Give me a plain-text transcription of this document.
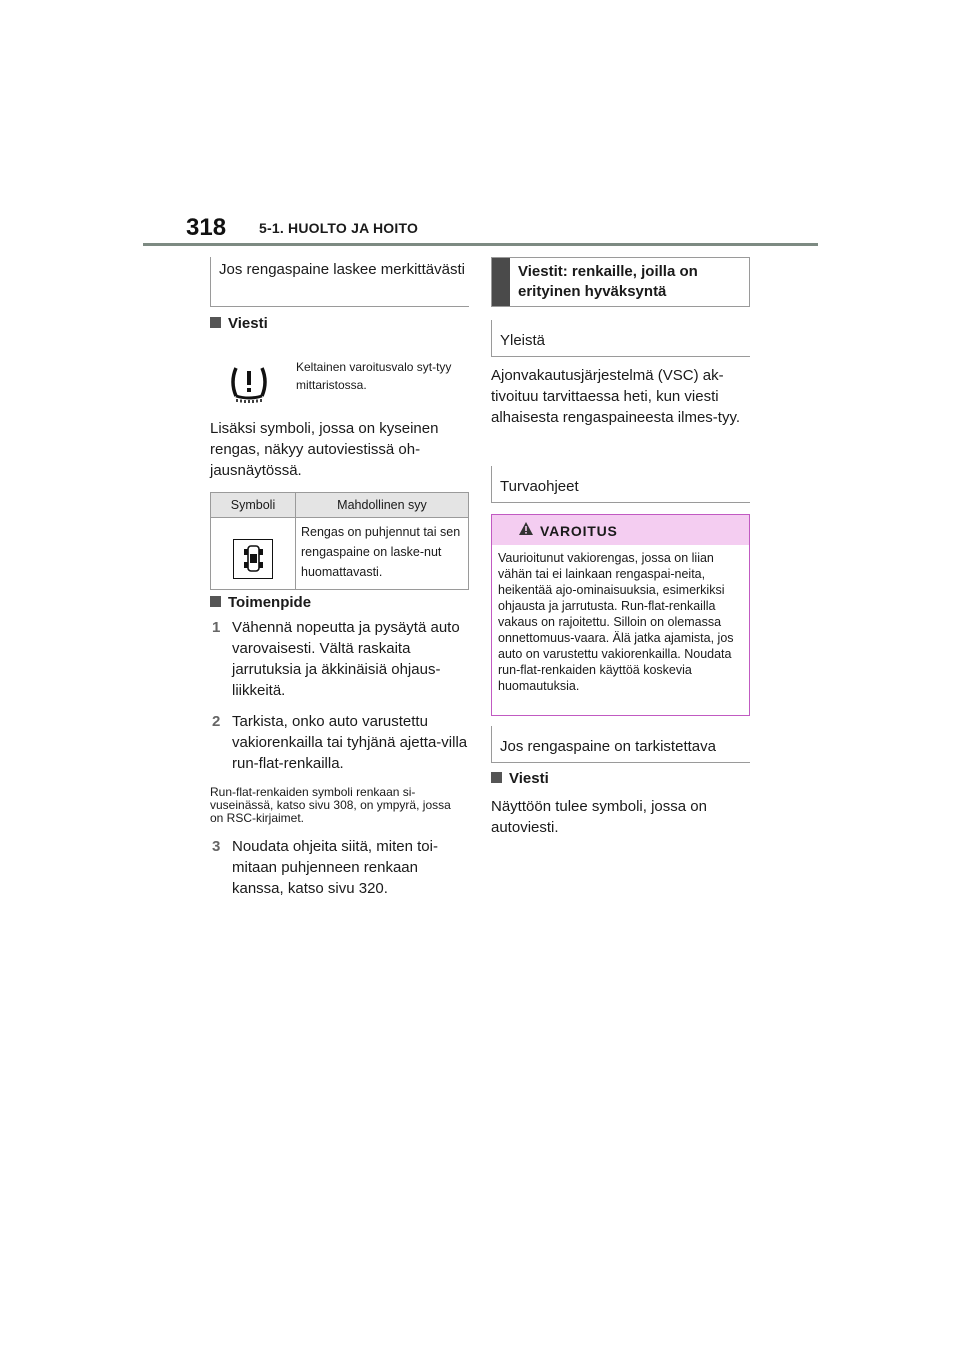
318 5-1. HUOLTO JA HOITO
Jos rengaspaine laskee merkittävästi
Viesti
Keltainen varoitusvalo syt-tyy mittaristossa.
Lisäksi symboli, jossa on kyseinen rengas, näkyy autoviestissä oh-jausnäytössä.
Symboli	Mahdollinen syy
	Rengas on puhjennut tai sen rengaspaine on laske-nut huomattavasti.
Toimenpide
1 Vähennä nopeutta ja pysäytä auto varovaisesti. Vältä raskaita jarrutuksia ja äkkinäisiä ohjaus-liikkeitä.
2 Tarkista, onko auto varustettu vakiorenkailla tai tyhjänä ajetta-villa run-flat-renkailla.
Run-flat-renkaiden symboli renkaan si-vuseinässä, katso sivu 308, on ympyrä, jossa on RSC-kirjaimet.
3 Noudata ohjeita siitä, miten toi-mitaan puhjenneen renkaan kanssa, katso sivu 320.
Viestit: renkaille, joilla on erityinen hyväksyntä
Yleistä
Ajonvakautusjärjestelmä (VSC) ak-tivoituu tarvittaessa heti, kun viesti alhaisesta rengaspaineesta ilmes-tyy.
Turvaohjeet
VAROITUS
Vaurioitunut vakiorengas, jossa on liian vähän tai ei lainkaan rengaspai-neita, heikentää ajo-ominaisuuksia, esimerkiksi ohjausta ja jarrutusta. Run-flat-renkailla vakaus on rajoitettu. Silloin on olemassa onnettomuus-vaara. Älä jatka ajamista, jos auto on varustettu vakiorenkailla. Noudata run-flat-renkaiden käyttöä koskevia huomautuksia.
Jos rengaspaine on tarkistettava
Viesti
Näyttöön tulee symboli, jossa on autoviesti.
